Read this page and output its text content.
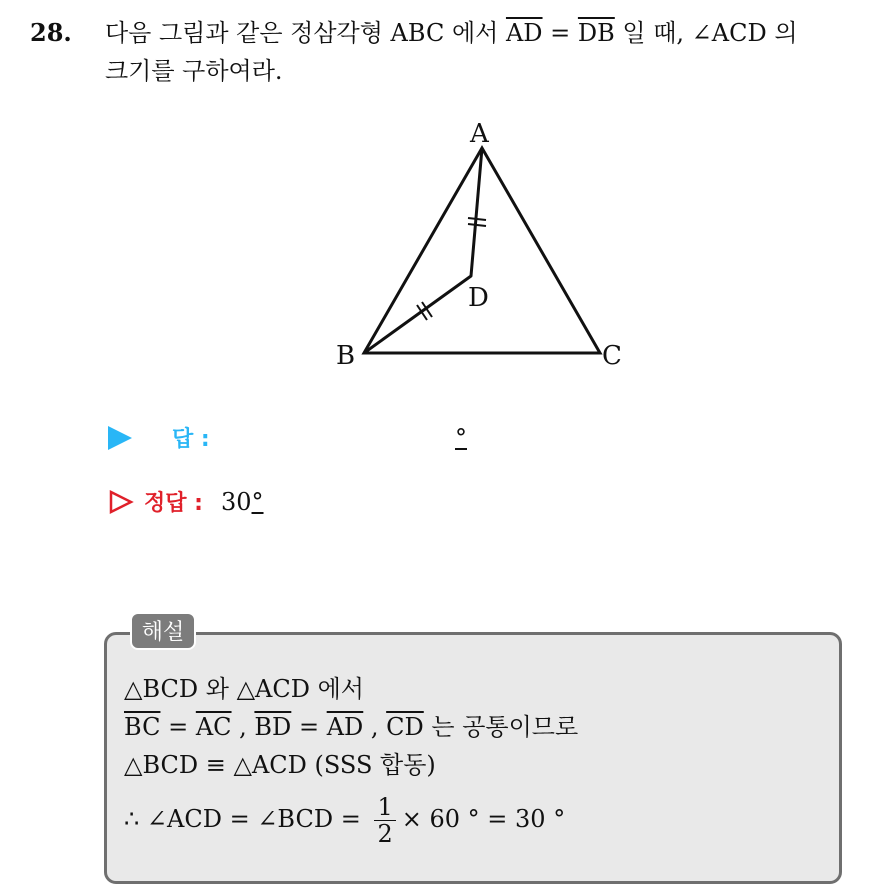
28. 다음 그림과 같은 정삼각형 ABC 에서 $\overline{AD} = \overline{DB}$ 일 때, ∠ACD 의
크기를 구하여라.
A
B	C
D
답 :	°
정답 : 30°
해설
△BCD 와 △ACD 에서
$\overline{BC} = \overline{AC}$ , $\overline{BD} = \overline{AD}$ , $\overline{CD}$ 는 공통이므로
△BCD ≡ △ACD (SSS 합동)
∴ ∠ACD = ∠BCD = $\frac{1}{2} \times 60$ ° = 30 °
